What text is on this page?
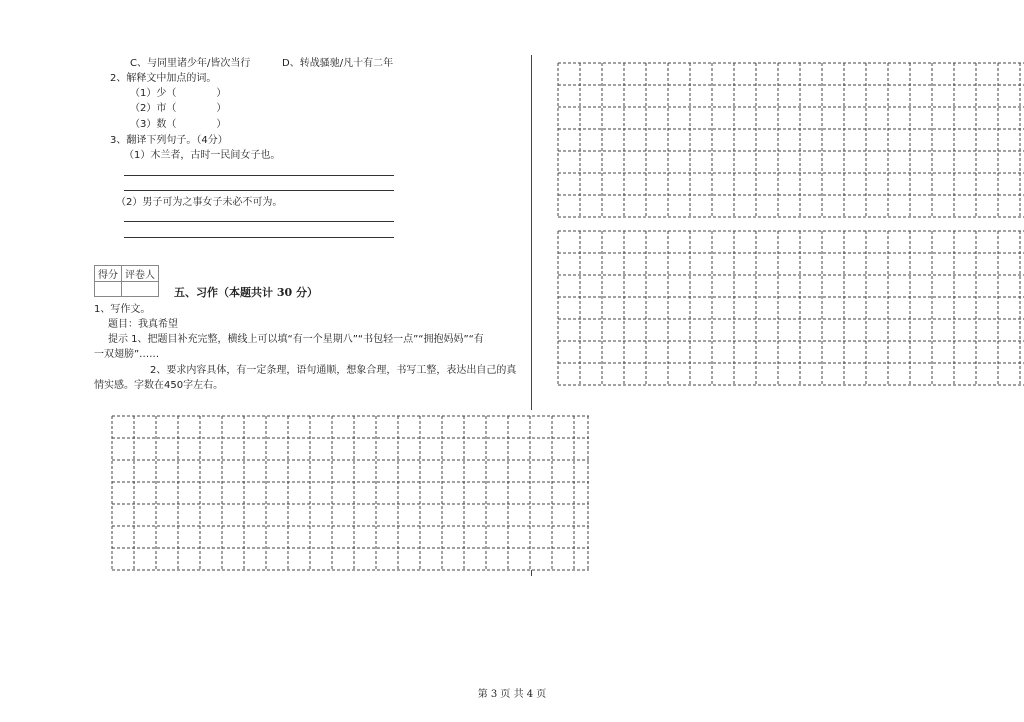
C、与同里诸少年/皆次当行	D、转战骚驰/凡十有二年
2、解释文中加点的词。
（1）少（　　　　）
（2）市（　　　　）
（3）数（　　　　）
3、翻译下列句子。（4分）
（1）木兰者，古时一民间女子也。
（2）男子可为之事女子未必不可为。
得分	评卷人

五、习作（本题共计 30 分）
1、写作文。
题目：我真希望
提示 1、把题目补充完整，横线上可以填“有一个星期八”“书包轻一点”“拥抱妈妈”“有
一双翅膀”……
2、要求内容具体，有一定条理，语句通顺，想象合理，书写工整，表达出自己的真
情实感。字数在450字左右。
第 3 页 共 4 页
